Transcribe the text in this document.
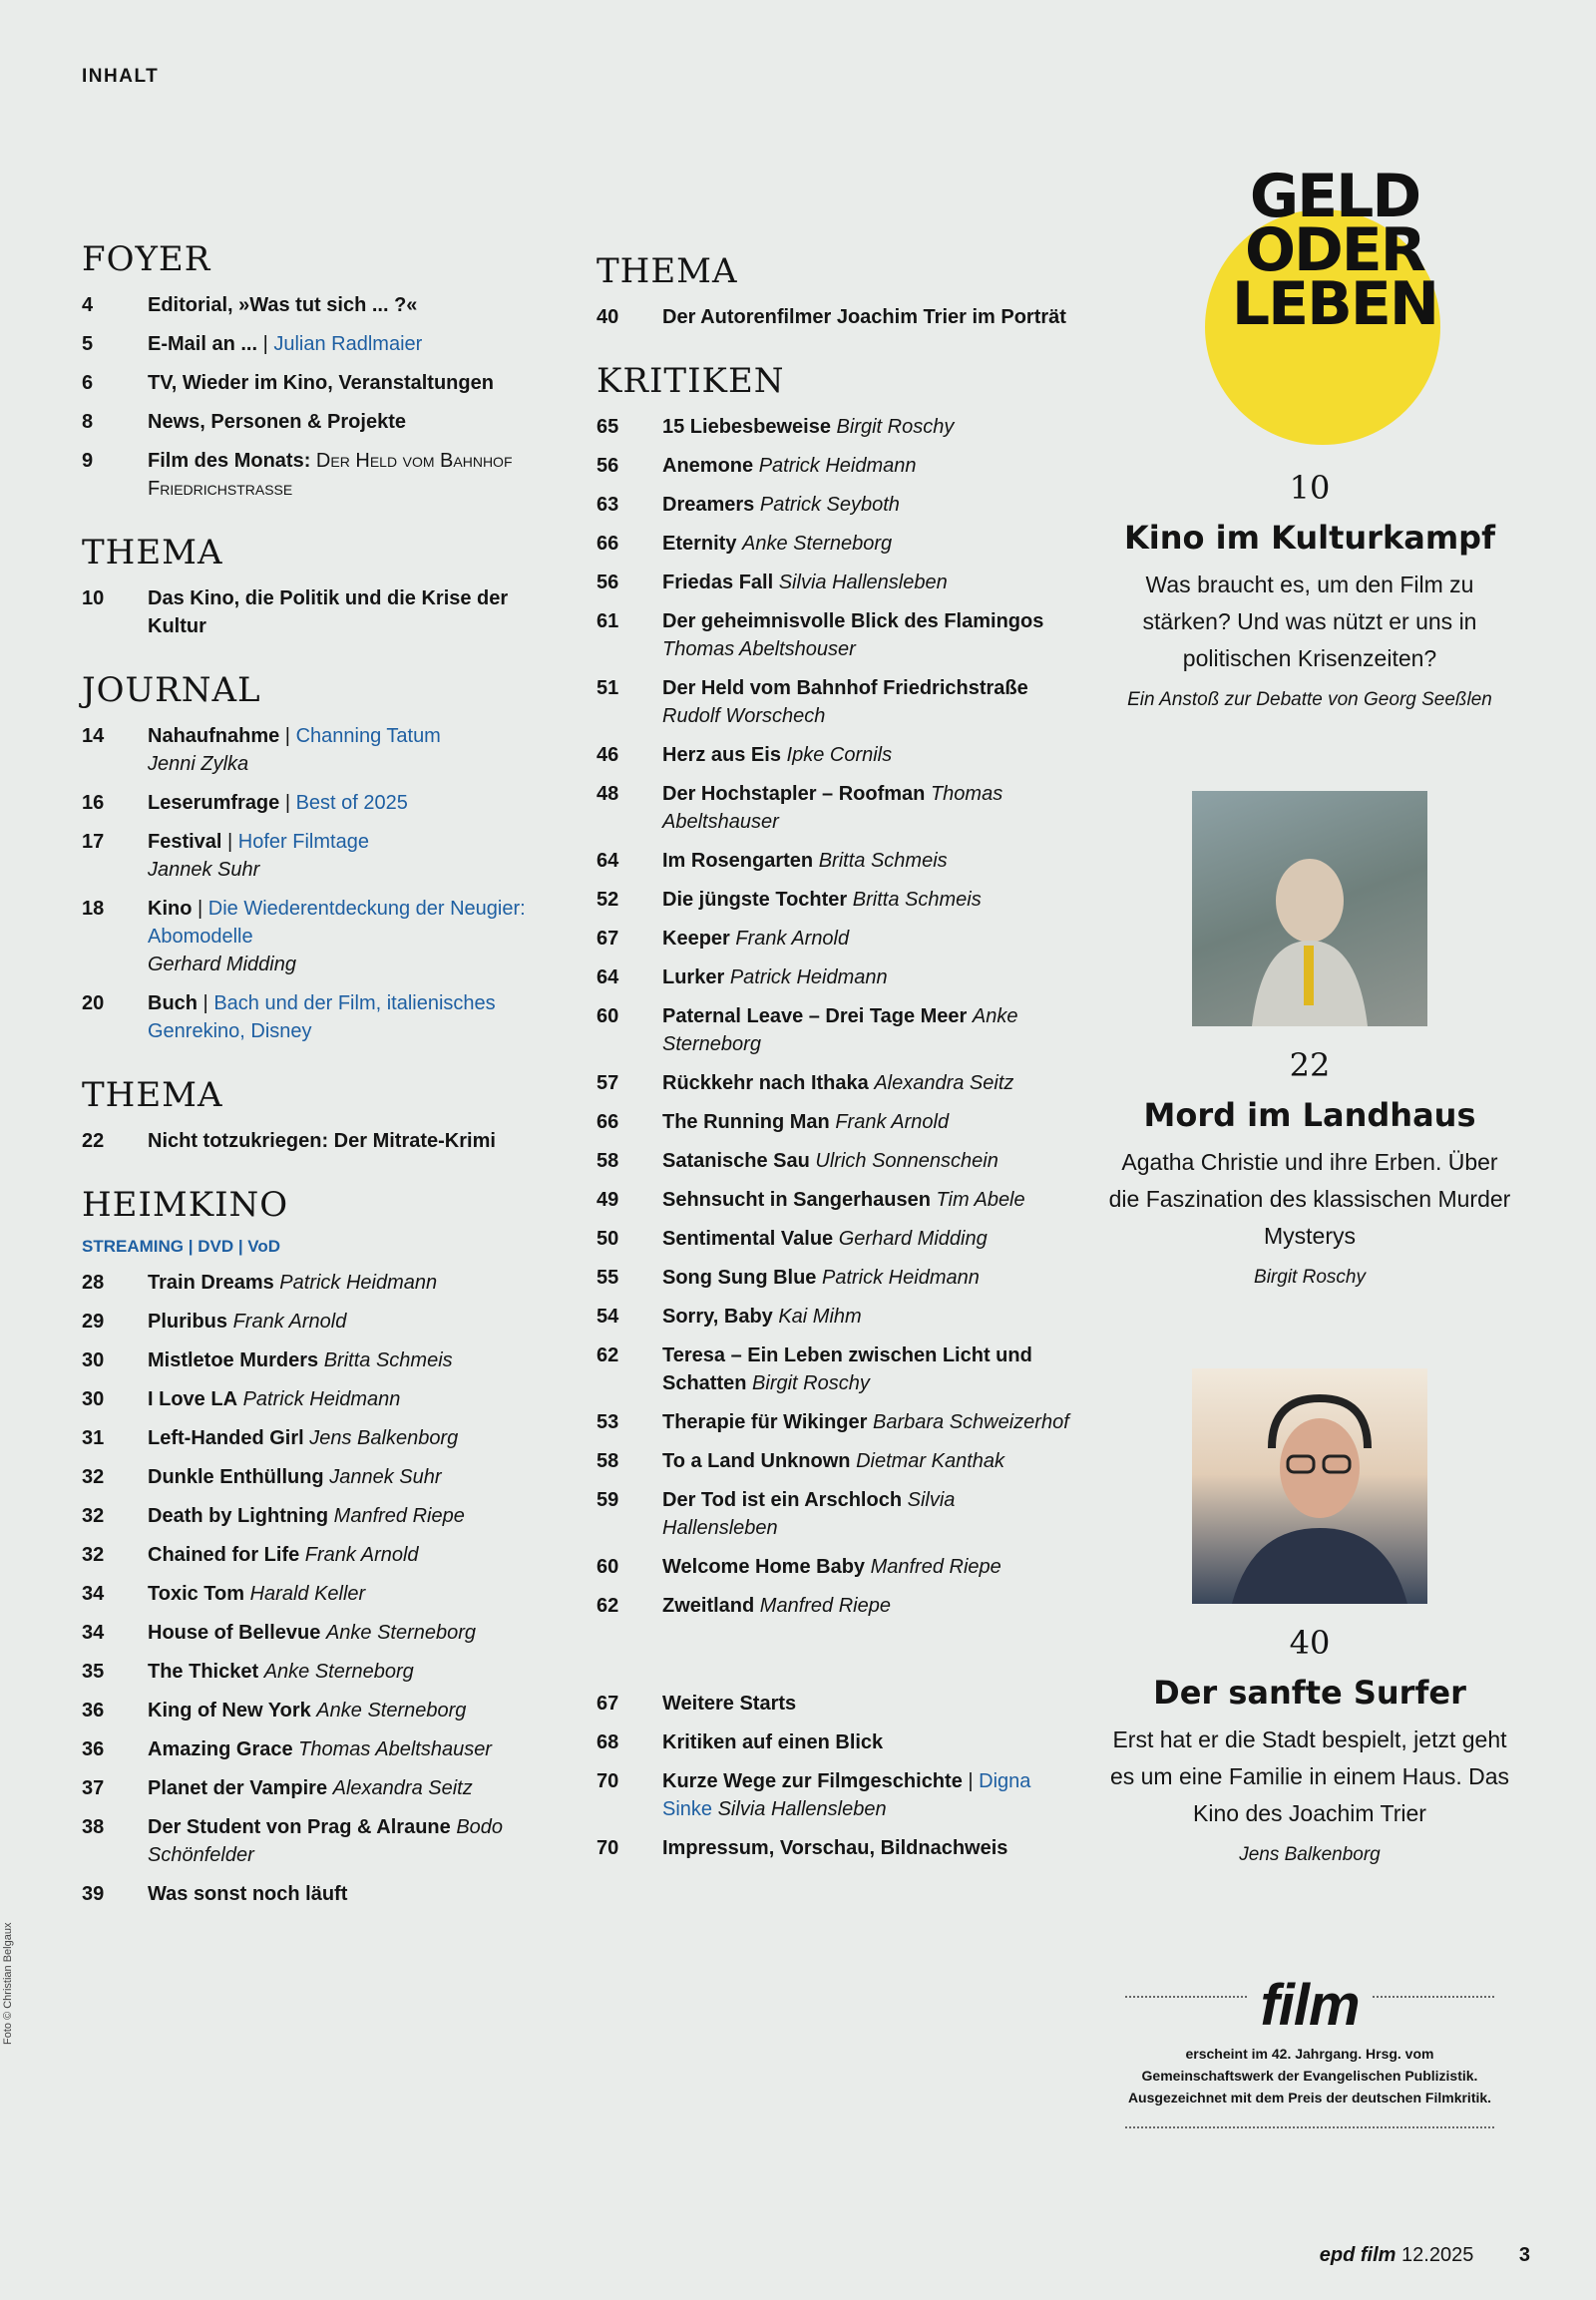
INHALT
FOYER
4	Editorial, »Was tut sich ... ?«
5	E-Mail an ... | Julian Radlmaier
6	TV, Wieder im Kino, Veranstaltungen
8	News, Personen & Projekte
9	Film des Monats: Der Held vom Bahnhof Friedrichstrasse
THEMA
10	Das Kino, die Politik und die Krise der Kultur
JOURNAL
14	Nahaufnahme | Channing Tatum
Jenni Zylka
16	Leserumfrage | Best of 2025
17	Festival | Hofer Filmtage
Jannek Suhr
18	Kino | Die Wiederentdeckung der Neugier: Abomodelle
Gerhard Midding
20	Buch | Bach und der Film, italienisches Genrekino, Disney
THEMA
22	Nicht totzukriegen: Der Mitrate-Krimi
HEIMKINO
STREAMING | DVD | VoD
28	Train Dreams Patrick Heidmann
29	Pluribus Frank Arnold
30	Mistletoe Murders Britta Schmeis
30	I Love LA Patrick Heidmann
31	Left-Handed Girl Jens Balkenborg
32	Dunkle Enthüllung Jannek Suhr
32	Death by Lightning Manfred Riepe
32	Chained for Life Frank Arnold
34	Toxic Tom Harald Keller
34	House of Bellevue Anke Sterneborg
35	The Thicket Anke Sterneborg
36	King of New York Anke Sterneborg
36	Amazing Grace Thomas Abeltshauser
37	Planet der Vampire Alexandra Seitz
38	Der Student von Prag & Alraune Bodo Schönfelder
39	Was sonst noch läuft
THEMA
40	Der Autorenfilmer Joachim Trier im Porträt
KRITIKEN
65	15 Liebesbeweise Birgit Roschy
56	Anemone Patrick Heidmann
63	Dreamers Patrick Seyboth
66	Eternity Anke Sterneborg
56	Friedas Fall Silvia Hallensleben
61	Der geheimnisvolle Blick des Flamingos Thomas Abeltshouser
51	Der Held vom Bahnhof Friedrichstraße Rudolf Worschech
46	Herz aus Eis Ipke Cornils
48	Der Hochstapler – Roofman Thomas Abeltshauser
64	Im Rosengarten Britta Schmeis
52	Die jüngste Tochter Britta Schmeis
67	Keeper Frank Arnold
64	Lurker Patrick Heidmann
60	Paternal Leave – Drei Tage Meer Anke Sterneborg
57	Rückkehr nach Ithaka Alexandra Seitz
66	The Running Man Frank Arnold
58	Satanische Sau Ulrich Sonnenschein
49	Sehnsucht in Sangerhausen Tim Abele
50	Sentimental Value Gerhard Midding
55	Song Sung Blue Patrick Heidmann
54	Sorry, Baby Kai Mihm
62	Teresa – Ein Leben zwischen Licht und Schatten Birgit Roschy
53	Therapie für Wikinger Barbara Schweizerhof
58	To a Land Unknown Dietmar Kanthak
59	Der Tod ist ein Arschloch Silvia Hallensleben
60	Welcome Home Baby Manfred Riepe
62	Zweitland Manfred Riepe
67	Weitere Starts
68	Kritiken auf einen Blick
70	Kurze Wege zur Filmgeschichte | Digna Sinke Silvia Hallensleben
70	Impressum, Vorschau, Bildnachweis
GELD
ODER
LEBEN
10
Kino im Kulturkampf
Was braucht es, um den Film zu stärken? Und was nützt er uns in politischen Krisenzeiten?
Ein Anstoß zur Debatte von Georg Seeßlen
22
Mord im Landhaus
Agatha Christie und ihre Erben. Über die Faszination des klassischen Murder Mysterys
Birgit Roschy
40
Der sanfte Surfer
Erst hat er die Stadt bespielt, jetzt geht es um eine Familie in einem Haus. Das Kino des Joachim Trier
Jens Balkenborg
film
erscheint im 42. Jahrgang. Hrsg. vom Gemeinschaftswerk der Evangelischen Publizistik. Ausgezeichnet mit dem Preis der deutschen Filmkritik.
epd film 12.2025 3
Foto © Christian Belgaux
